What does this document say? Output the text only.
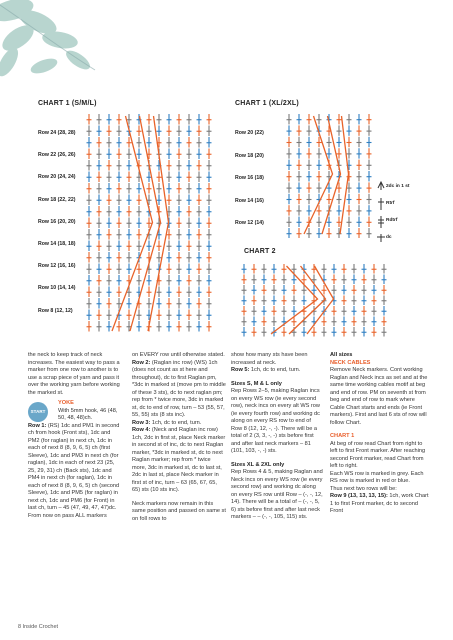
CHART 1 (S/M/L)
Row 24 (28, 28)
Row 22 (26, 26)
Row 20 (24, 24)
Row 18 (22, 22)
Row 16 (20, 20)
Row 14 (18, 18)
Row 12 (16, 16)
Row 10 (14, 14)
Row 8 (12, 12)
CHART 1 (XL/2XL)
Row 20 (22)
Row 18 (20)
Row 16 (18)
Row 14 (16)
Row 12 (14)
2dc in 1 st
Rtrf
Rdtrf
dc
CHART 2

the neck to keep track of neck increases. The easiest way to pass a marker from one row to another is to use a scrap piece of yarn and pass it over the working yarn before working the marked st.

START
YOKE
With 5mm hook, 46 (48, 50, 48, 48)ch.

Row 1: (RS) 1dc and PM1 in second ch from hook (Front sts), 1dc and PM2 (for raglan) in next ch, 1dc in each of next 8 (8, 9, 6, 5) ch (first Sleeve), 1dc and PM3 in next ch (for raglan), 1dc in each of next 23 (25, 25, 29, 31) ch (Back sts), 1dc and PM4 in next ch (for raglan), 1dc in each of next 8 (8, 9, 6, 5) ch (second Sleeve), 1dc and PM5 (for raglan) in next ch, 1dc and PM6 (for Front) in last ch, turn – 45 (47, 49, 47, 47)dc.

From now on pass ALL markers

on EVERY row until otherwise stated.

Row 2: (Raglan inc row) (WS) 1ch (does not count as st here and throughout), dc to first Raglan pm, *3dc in marked st (move pm to middle of these 3 sts), dc to next raglan pm; rep from * twice more, 3dc in marked st, dc to end of row, turn – 53 (55, 57, 55, 55) sts (8 sts inc).

Row 3: 1ch, dc to end, turn.

Row 4: (Neck and Raglan inc row) 1ch, 2dc in first st, place Neck marker in second st of inc, dc to next Raglan marker, *3dc in marked st, dc to next Raglan marker; rep from * twice more, 3dc in marked st, dc to last st, 2dc in last st, place Neck marker in first st of inc, turn – 63 (65, 67, 65, 65) sts (10 sts inc).

Neck markers now remain in this same position and passed on same st on foll rows to

show how many sts have been increased at neck.

Row 5: 1ch, dc to end, turn.

Sizes S, M & L only

Rep Rows 2–5, making Raglan incs on every WS row (ie every second row), neck incs on every alt WS row (ie every fourth row) and working dc along on every RS row to end of Row 8 (12, 12, -, -). There will be a total of 2 (3, 3, -, -) sts before first and after last neck markers – 81 (101, 103, -, -) sts.

Sizes XL & 2XL only

Rep Rows 4 & 5, making Raglan and Neck incs on every WS row (ie every second row) and working dc along on every RS row until Row – (-, -, 12, 14). There will be a total of – (-, -, 5, 6) sts before first and after last neck markers – – (-, -, 105, 115) sts.

All sizes

NECK CABLES

Remove Neck markers. Cont working Raglan and Neck incs as set and at the same time working cables motif at beg and end of row. PM on seventh st from beg and end of row to mark where Cable Chart starts and ends (ie Front markers). First and last 6 sts of row will follow Chart.

CHART 1

At beg of row read Chart from right to left to first Front marker. After reaching second Front marker, read Chart from left to right.

Each WS row is marked in grey. Each RS row is marked in red or blue.

Thus next two rows will be:

Row 9 (13, 13, 13, 15): 1ch, work Chart 1 to first Front marker, dc to second Front

8 Inside Crochet
